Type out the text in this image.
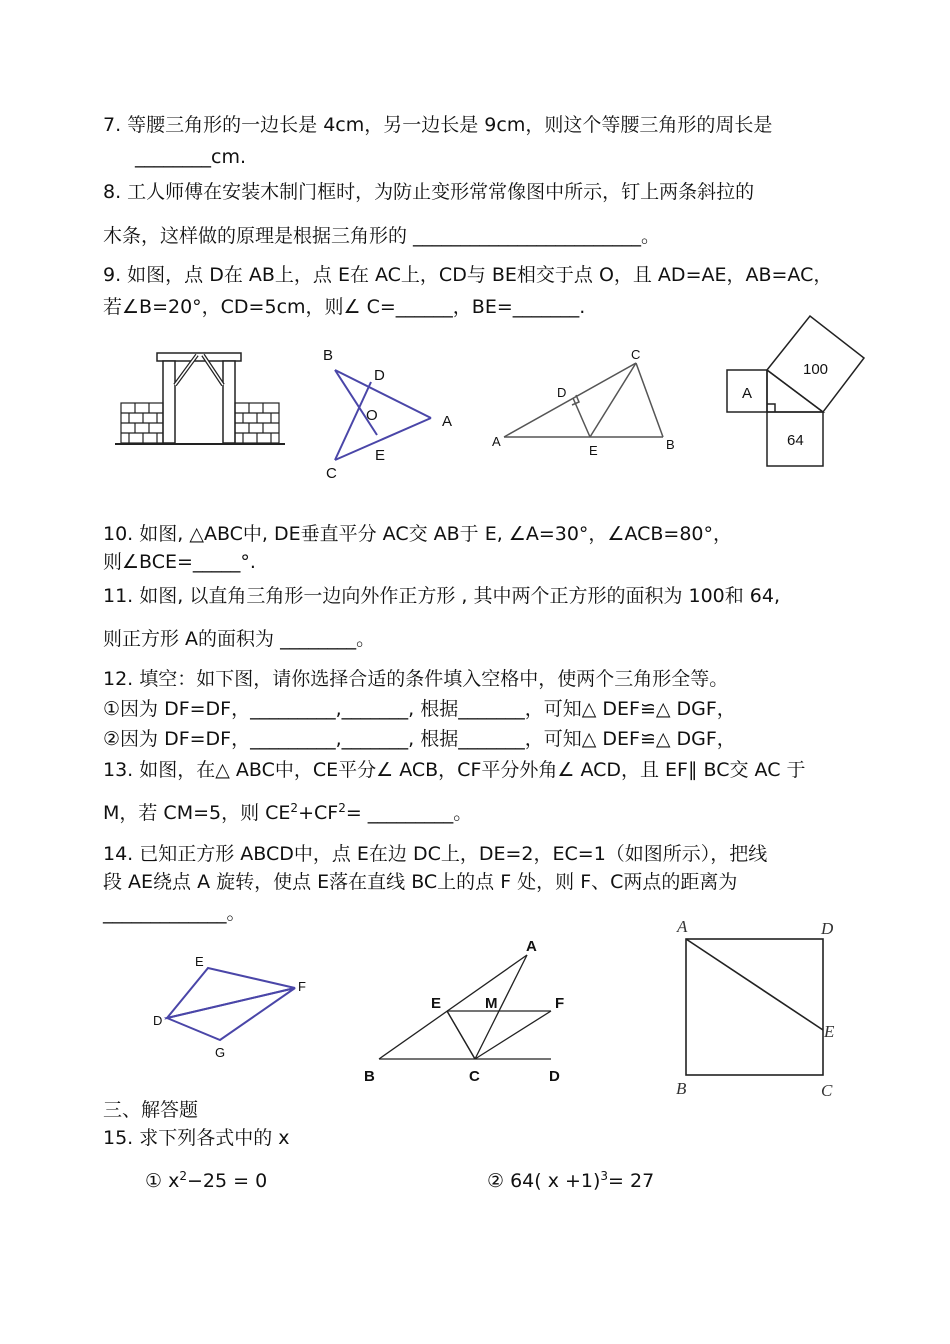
7. 等腰三角形的一边长是 4cm，另一边长是 9cm，则这个等腰三角形的周长是
________cm.
8. 工人师傅在安装木制门框时，为防止变形常常像图中所示，钉上两条斜拉的
木条，这样做的原理是根据三角形的 ________________________。
9. 如图，点 D在 AB上，点 E在 AC上，CD与 BE相交于点 O，且 AD=AE，AB=AC，
若∠B=20°，CD=5cm，则∠ C=______，BE=_______.
B
D
O	A
C
E
C
D
A
E	B
100
A
64
10. 如图, △ABC中, DE垂直平分 AC交 AB于 E, ∠A=30°，∠ACB=80°，
则∠BCE=_____°.
11. 如图, 以直角三角形一边向外作正方形 , 其中两个正方形的面积为 100和 64,
则正方形 A的面积为 ________。
12. 填空：如下图，请你选择合适的条件填入空格中，使两个三角形全等。
①因为 DF=DF，_________,_______, 根据_______，可知△ DEF≌△ DGF，
②因为 DF=DF，_________,_______, 根据_______，可知△ DEF≌△ DGF，
13. 如图，在△ ABC中，CE平分∠ ACB，CF平分外角∠ ACD，且 EF∥ BC交 AC 于
M，若 CM=5，则 CE2+CF2= _________。
14. 已知正方形 ABCD中，点 E在边 DC上，DE=2，EC=1（如图所示），把线
段 AE绕点 A 旋转，使点 E落在直线 BC上的点 F 处，则 F、C两点的距离为
_____________。
E
F
D
G
A
E	M	F
B	C	D
A	D
E
B	C
三、解答题
15. 求下列各式中的 x
① x2−25 = 0	② 64( x +1)3= 27
